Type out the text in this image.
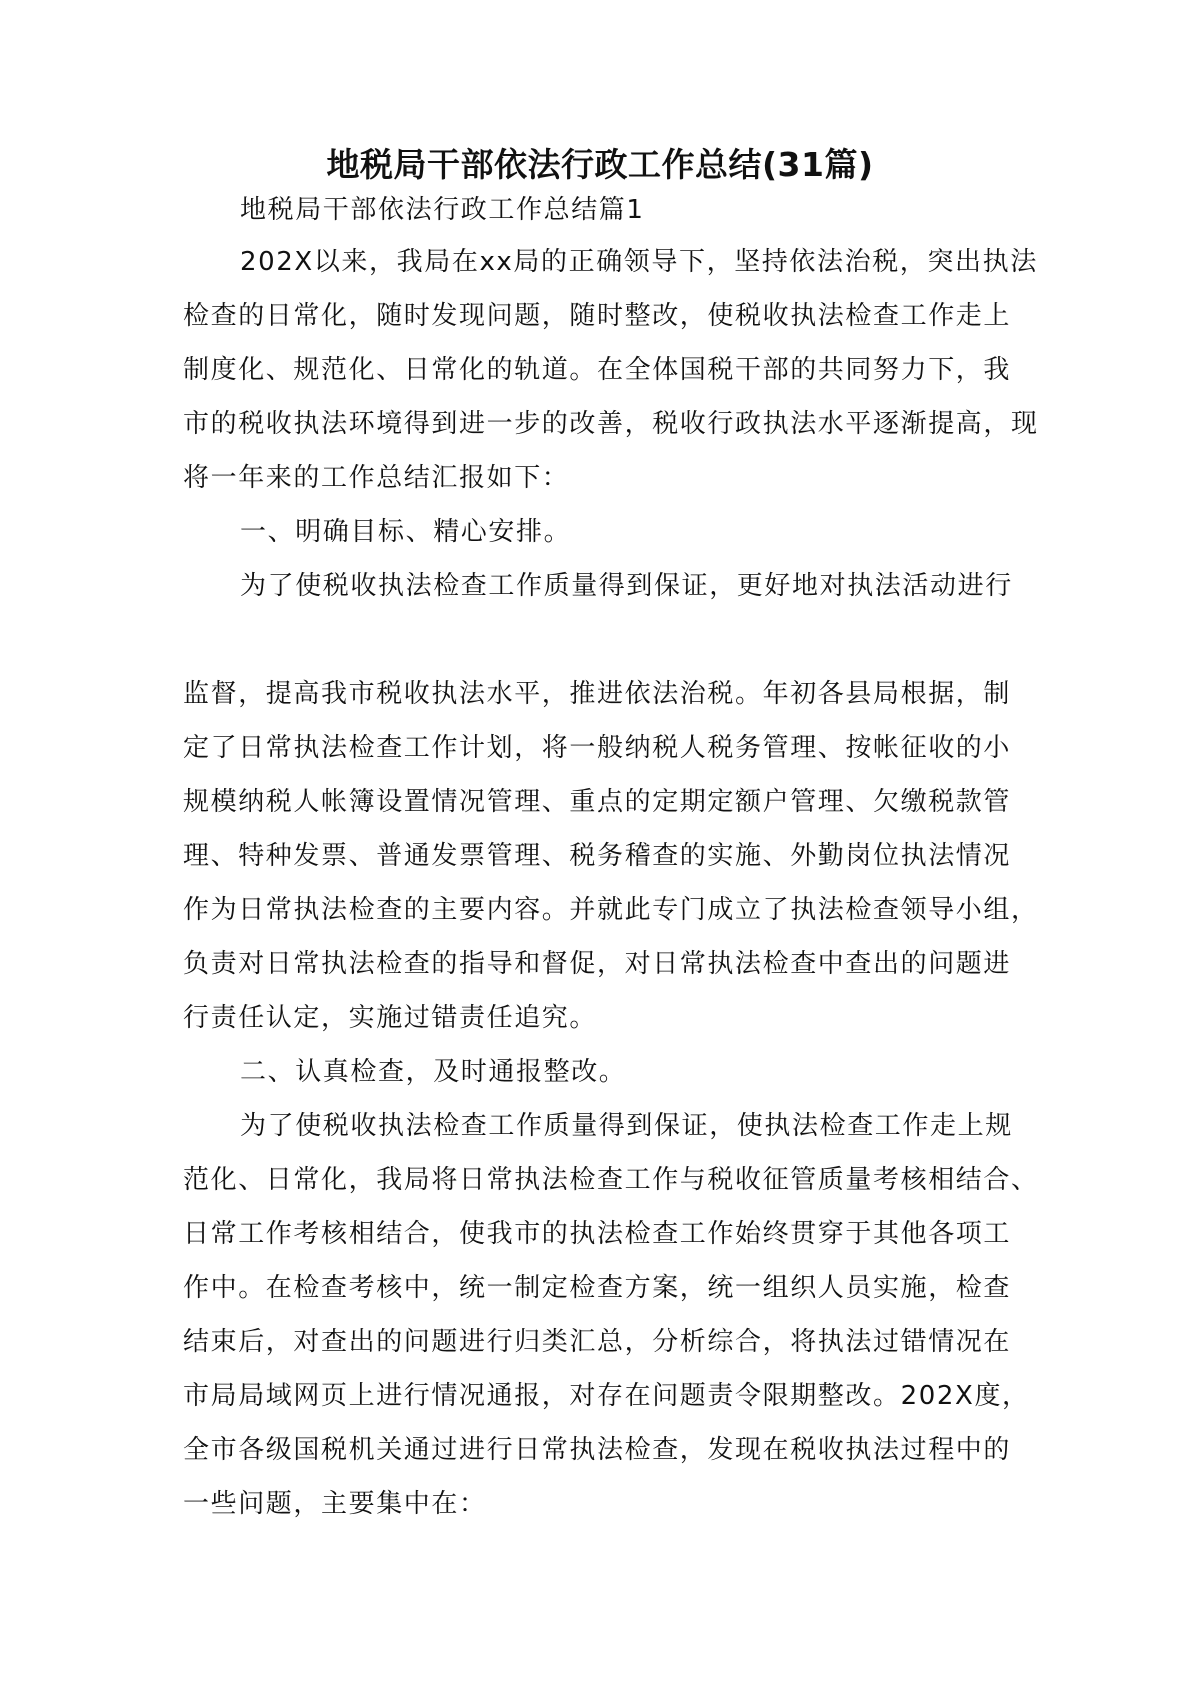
地税局干部依法行政工作总结(31篇)
地税局干部依法行政工作总结篇1
202X以来，我局在xx局的正确领导下，坚持依法治税，突出执法
检查的日常化，随时发现问题，随时整改，使税收执法检查工作走上
制度化、规范化、日常化的轨道。在全体国税干部的共同努力下，我
市的税收执法环境得到进一步的改善，税收行政执法水平逐渐提高，现
将一年来的工作总结汇报如下：
一、明确目标、精心安排。
为了使税收执法检查工作质量得到保证，更好地对执法活动进行
监督，提高我市税收执法水平，推进依法治税。年初各县局根据，制
定了日常执法检查工作计划，将一般纳税人税务管理、按帐征收的小
规模纳税人帐簿设置情况管理、重点的定期定额户管理、欠缴税款管
理、特种发票、普通发票管理、税务稽查的实施、外勤岗位执法情况
作为日常执法检查的主要内容。并就此专门成立了执法检查领导小组，
负责对日常执法检查的指导和督促，对日常执法检查中查出的问题进
行责任认定，实施过错责任追究。
二、认真检查，及时通报整改。
为了使税收执法检查工作质量得到保证，使执法检查工作走上规
范化、日常化，我局将日常执法检查工作与税收征管质量考核相结合、
日常工作考核相结合，使我市的执法检查工作始终贯穿于其他各项工
作中。在检查考核中，统一制定检查方案，统一组织人员实施，检查
结束后，对查出的问题进行归类汇总，分析综合，将执法过错情况在
市局局域网页上进行情况通报，对存在问题责令限期整改。202X度，
全市各级国税机关通过进行日常执法检查，发现在税收执法过程中的
一些问题，主要集中在：
